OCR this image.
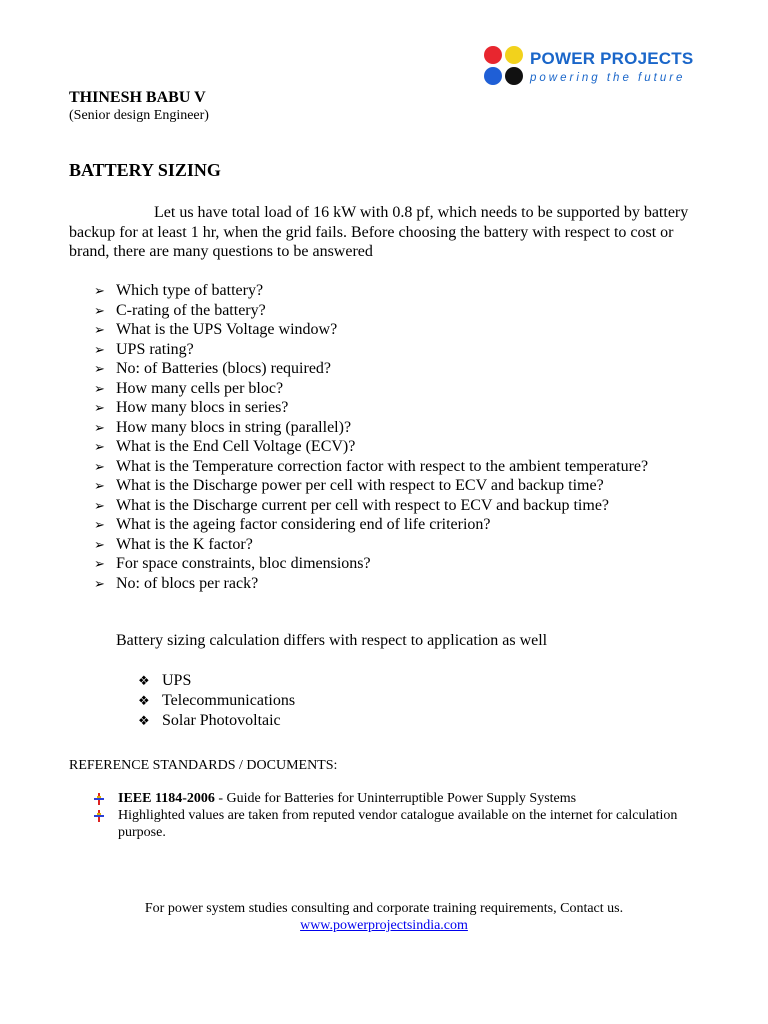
POWER PROJECTS
powering the future
THINESH BABU V
(Senior design Engineer)
BATTERY SIZING

Let us have total load of 16 kW with 0.8 pf, which needs to be supported by battery backup for at least 1 hr, when the grid fails. Before choosing the battery with respect to cost or brand, there are many questions to be answered

➢ Which type of battery?
➢ C-rating of the battery?
➢ What is the UPS Voltage window?
➢ UPS rating?
➢ No: of Batteries (blocs) required?
➢ How many cells per bloc?
➢ How many blocs in series?
➢ How many blocs in string (parallel)?
➢ What is the End Cell Voltage (ECV)?
➢ What is the Temperature correction factor with respect to the ambient temperature?
➢ What is the Discharge power per cell with respect to ECV and backup time?
➢ What is the Discharge current per cell with respect to ECV and backup time?
➢ What is the ageing factor considering end of life criterion?
➢ What is the K factor?
➢ For space constraints, bloc dimensions?
➢ No: of blocs per rack?
Battery sizing calculation differs with respect to application as well
❖ UPS
❖ Telecommunications
❖ Solar Photovoltaic
REFERENCE STANDARDS / DOCUMENTS:
IEEE 1184-2006 - Guide for Batteries for Uninterruptible Power Supply Systems
Highlighted values are taken from reputed vendor catalogue available on the internet for calculation purpose.
For power system studies consulting and corporate training requirements, Contact us.
www.powerprojectsindia.com
